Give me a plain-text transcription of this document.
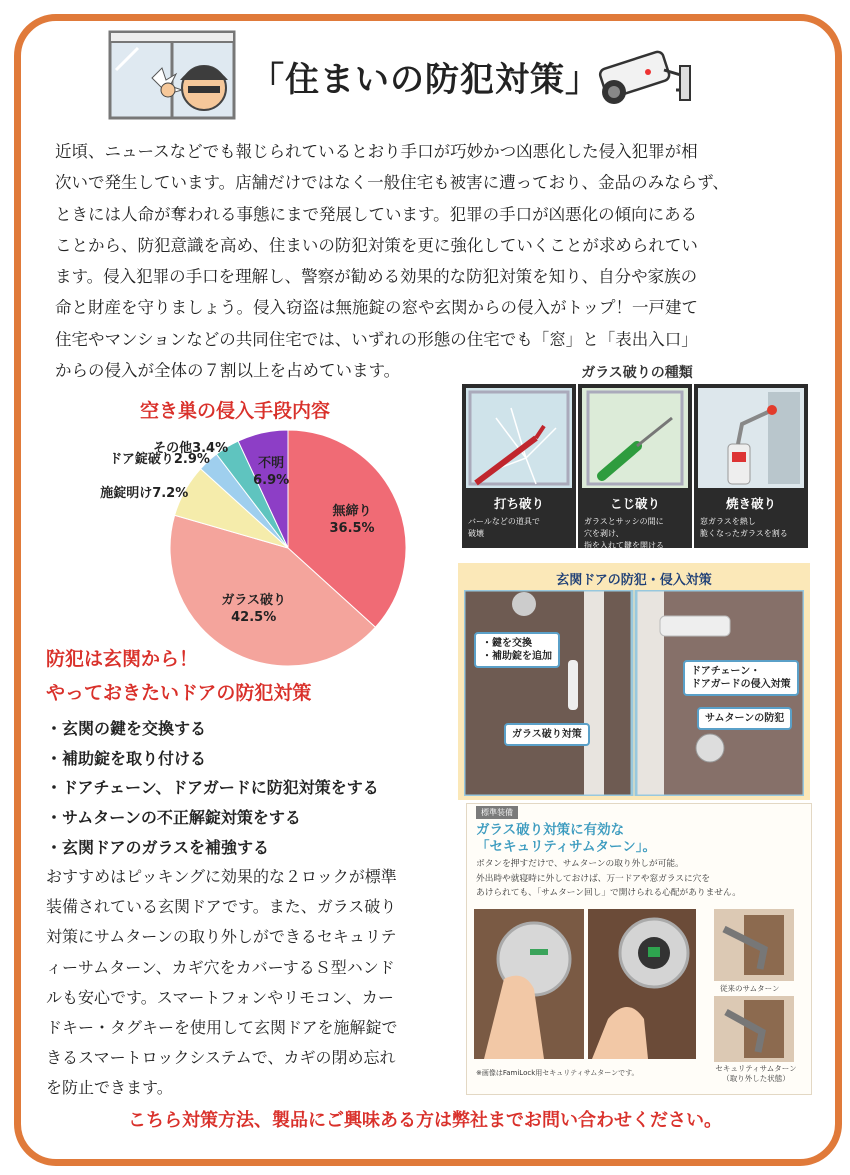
「住まいの防犯対策」
近頃、ニュースなどでも報じられているとおり手口が巧妙かつ凶悪化した侵入犯罪が相
次いで発生しています。店舗だけではなく一般住宅も被害に遭っており、金品のみならず、
ときには人命が奪われる事態にまで発展しています。犯罪の手口が凶悪化の傾向にある
ことから、防犯意識を高め、住まいの防犯対策を更に強化していくことが求められてい
ます。侵入犯罪の手口を理解し、警察が勧める効果的な防犯対策を知り、自分や家族の
命と財産を守りましょう。侵入窃盗は無施錠の窓や玄関からの侵入がトップ！一戸建て
住宅やマンションなどの共同住宅では、いずれの形態の住宅でも「窓」と「表出入口」
からの侵入が全体の７割以上を占めています。
空き巣の侵入手段内容
無締り
36.5%
ガラス破り
42.5%
施錠明け7.2%
ドア錠破り2.9%
その他3.4%
不明
6.9%
ガラス破りの種類
打ち破り
バールなどの道具で
破壊
こじ破り
ガラスとサッシの間に
穴を剥け、
指を入れて鍵を開ける
焼き破り
窓ガラスを熱し
脆くなったガラスを割る
玄関ドアの防犯・侵入対策
・鍵を交換
・補助錠を追加
ガラス破り対策
ドアチェーン・
ドアガードの侵入対策
サムターンの防犯
標準装備
ガラス破り対策に有効な
「セキュリティサムターン」。
ボタンを押すだけで、サムターンの取り外しが可能。
外出時や就寝時に外しておけば、万一ドアや窓ガラスに穴を
あけられても、「サムターン回し」で開けられる心配がありません。
従来のサムターン
セキュリティサムターン
（取り外した状態）
※画像はFamiLock用セキュリティサムターンです。
防犯は玄関から！
やっておきたいドアの防犯対策
・玄関の鍵を交換する
・補助錠を取り付ける
・ドアチェーン、ドアガードに防犯対策をする
・サムターンの不正解錠対策をする
・玄関ドアのガラスを補強する
おすすめはピッキングに効果的な２ロックが標準
装備されている玄関ドアです。また、ガラス破り
対策にサムターンの取り外しができるセキュリテ
ィーサムターン、カギ穴をカバーするＳ型ハンド
ルも安心です。スマートフォンやリモコン、カー
ドキー・タグキーを使用して玄関ドアを施解錠で
きるスマートロックシステムで、カギの閉め忘れ
を防止できます。
こちら対策方法、製品にご興味ある方は弊社までお問い合わせください。
